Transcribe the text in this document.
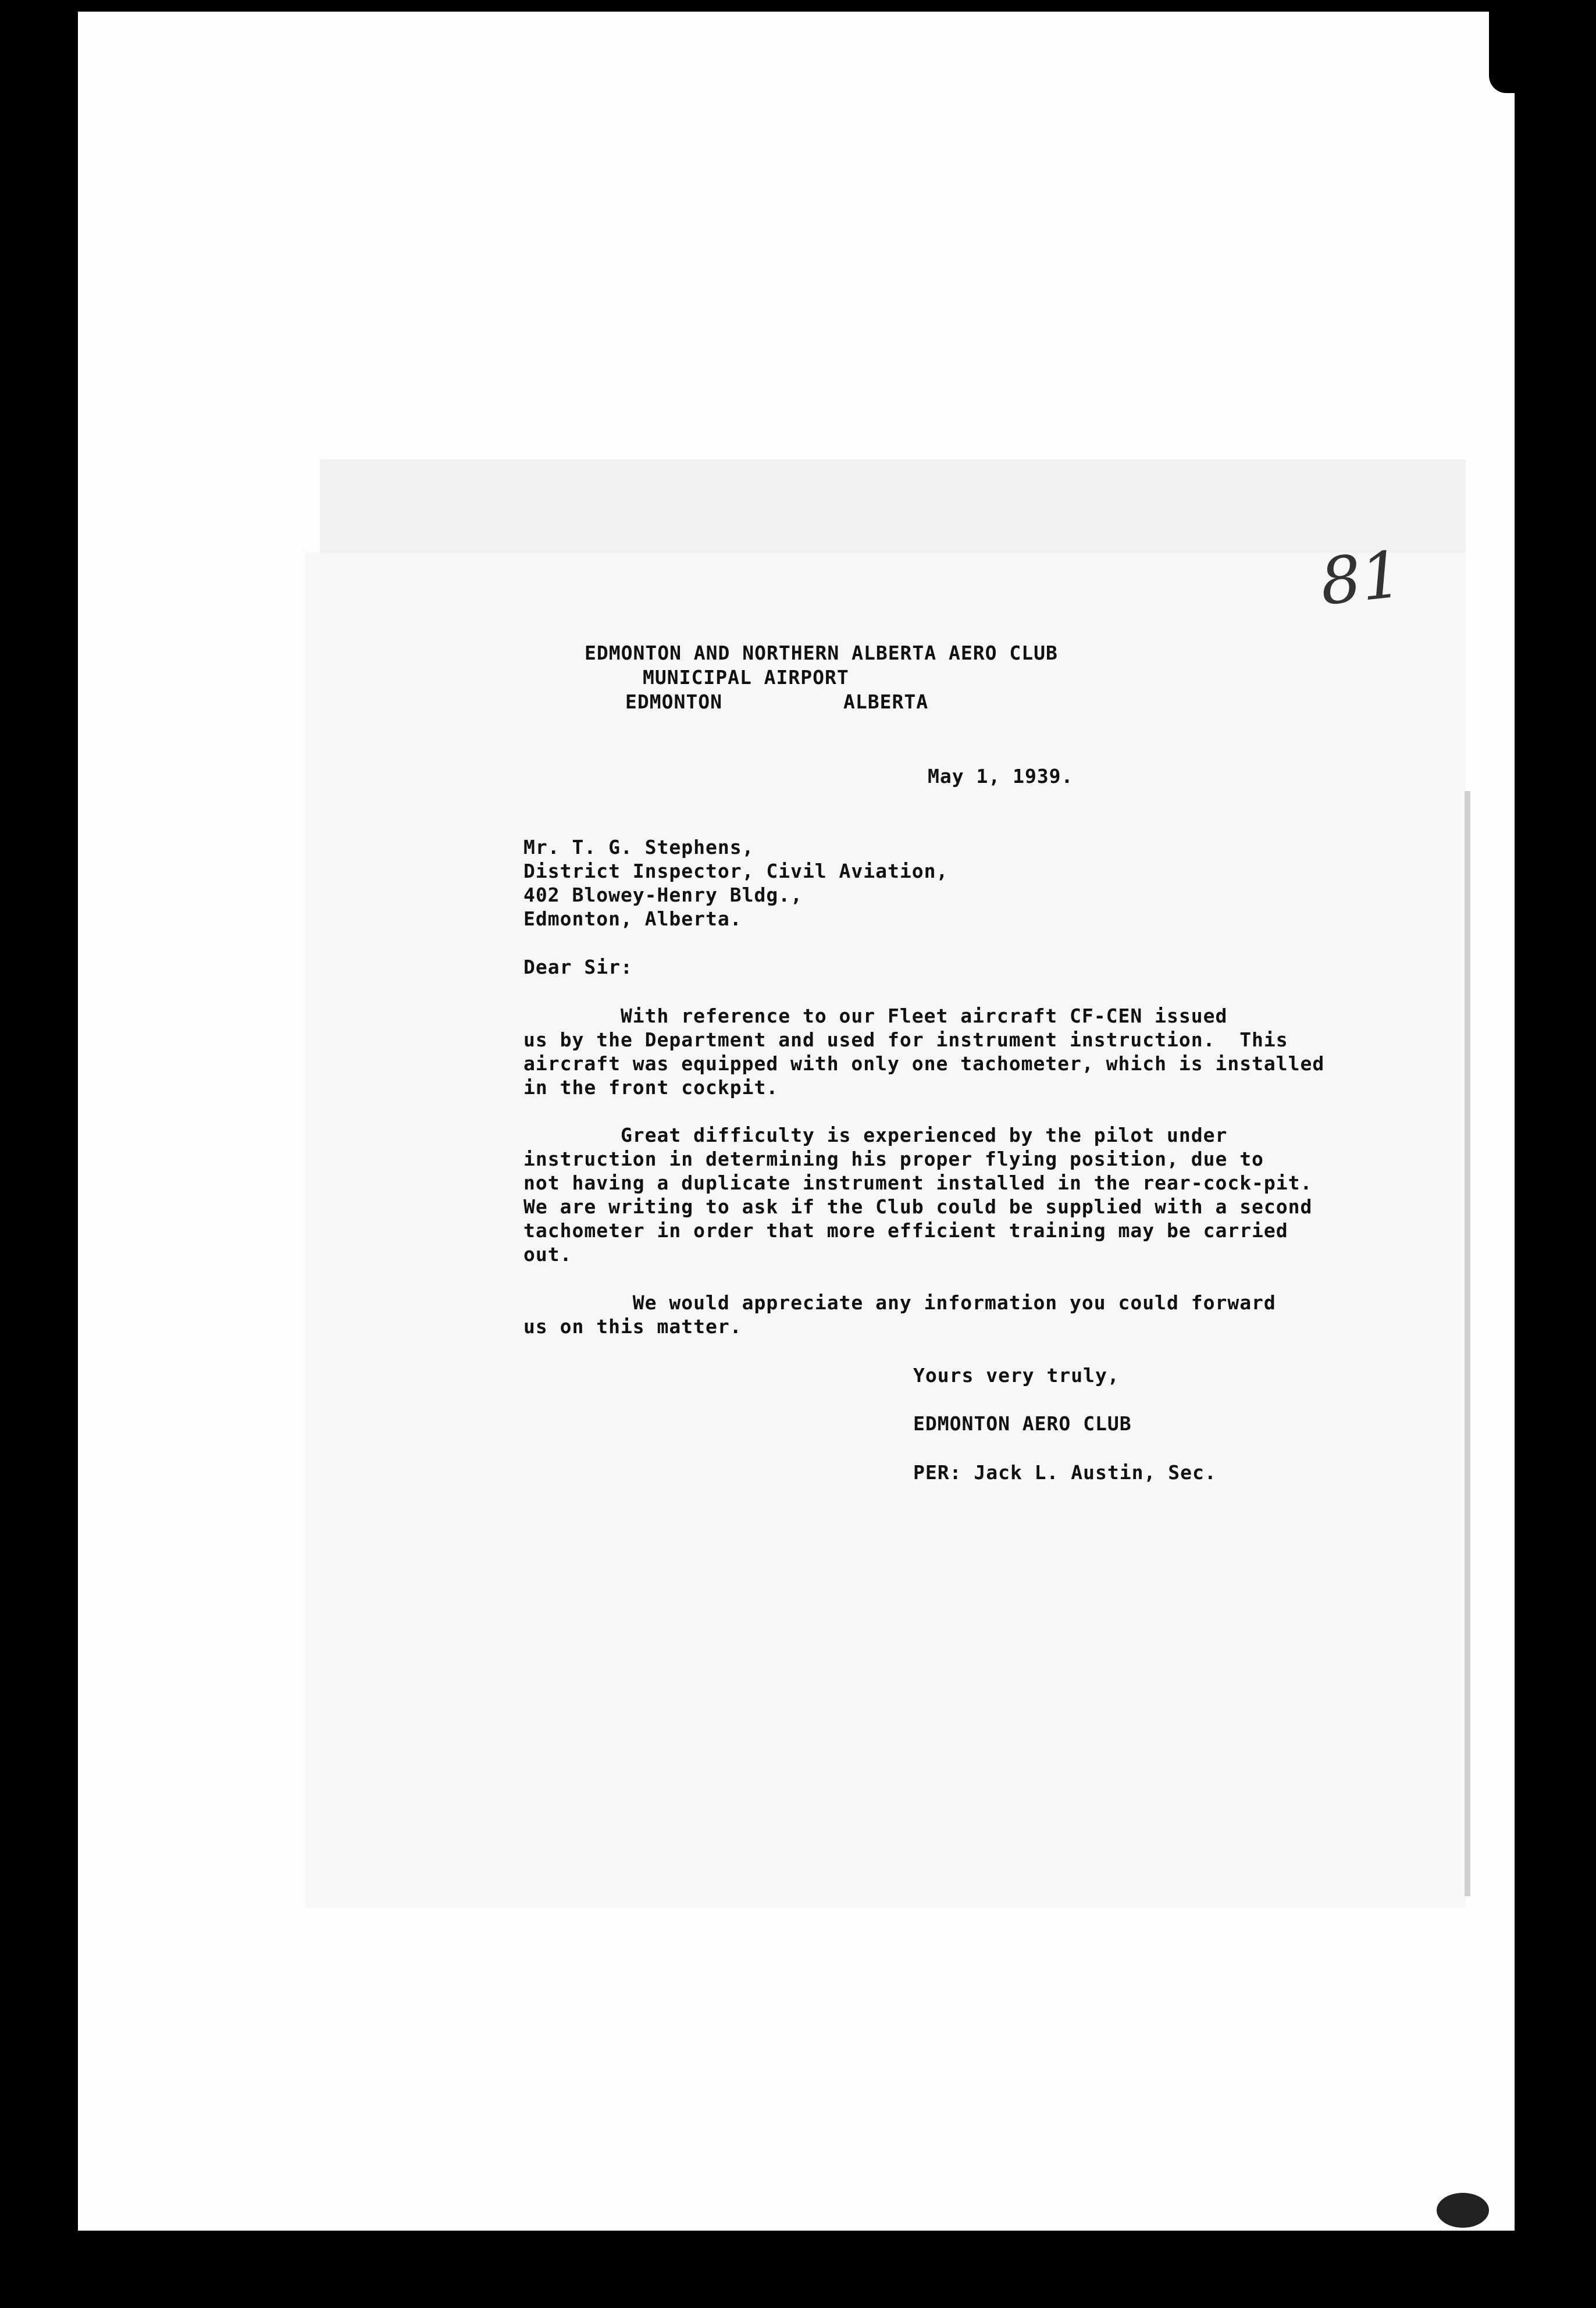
81

EDMONTON AND NORTHERN ALBERTA AERO CLUB

MUNICIPAL AIRPORT

EDMONTON

	ALBERTA

May 1, 1939.

Mr. T. G. Stephens,

District Inspector, Civil Aviation,

402 Blowey-Henry Bldg.,

Edmonton, Alberta.

Dear Sir:

With reference to our Fleet aircraft CF-CEN issued

us by the Department and used for instrument instruction.  This

aircraft was equipped with only one tachometer, which is installed

in the front cockpit.

Great difficulty is experienced by the pilot under

instruction in determining his proper flying position, due to

not having a duplicate instrument installed in the rear-cock-pit.

We are writing to ask if the Club could be supplied with a second

tachometer in order that more efficient training may be carried

out.

We would appreciate any information you could forward

us on this matter.

Yours very truly,

EDMONTON AERO CLUB

PER: Jack L. Austin, Sec.
